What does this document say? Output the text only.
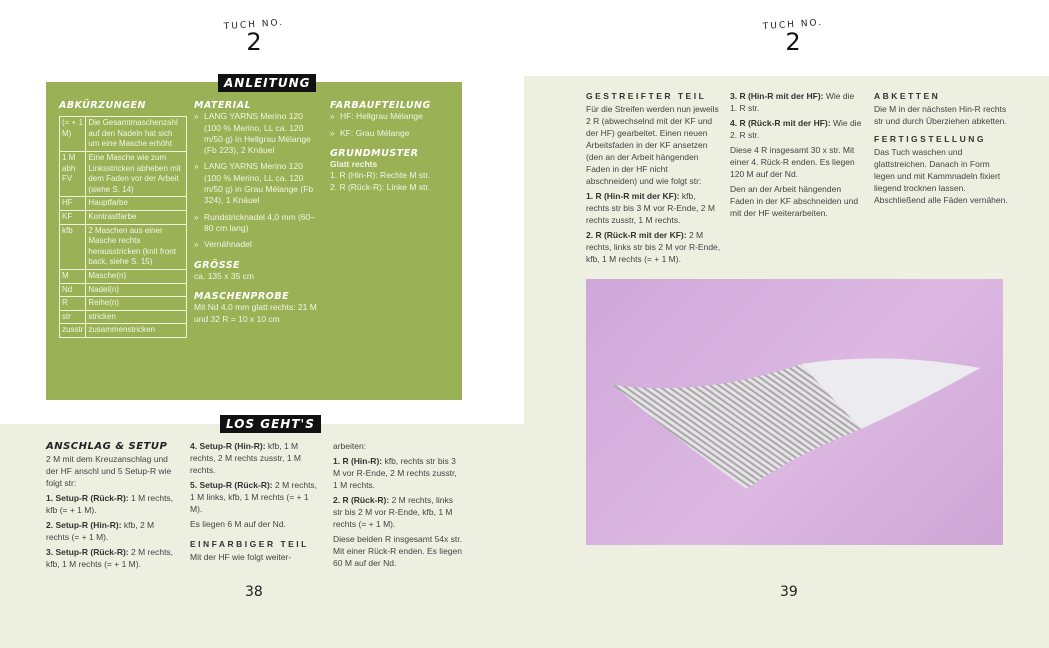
TUCH NO.
2
ABKÜRZUNGEN
(= + 1 M)	Die Gesamtmaschenzahl auf den Nadeln hat sich um eine Masche erhöht
1 M abh FV	Eine Masche wie zum Linksstricken abheben mit dem Faden vor der Arbeit (siehe S. 14)
HF	Hauptfarbe
KF	Kontrastfarbe
kfb	2 Maschen aus einer Masche rechts herausstricken (knit front back, siehe S. 15)
M	Masche(n)
Nd	Nadel(n)
R	Reihe(n)
str	stricken
zusstr	zusammenstricken
MATERIAL
» LANG YARNS Merino 120 (100 % Merino, LL ca. 120 m/50 g) in Hellgrau Mélange (Fb 223), 2 Knäuel
» LANG YARNS Merino 120 (100 % Merino, LL ca. 120 m/50 g) in Grau Mélange (Fb 324), 1 Knäuel
» Rundstricknadel 4,0 mm (60–80 cm lang)
» Vernähnadel
GRÖSSE
ca. 135 x 35 cm
MASCHENPROBE
Mit Nd 4,0 mm glatt rechts: 21 M und 32 R = 10 x 10 cm
FARBAUFTEILUNG
» HF: Hellgrau Mélange
» KF: Grau Mélange
GRUNDMUSTER
Glatt rechts
1. R (Hin-R): Rechte M str.
2. R (Rück-R): Linke M str.
ANLEITUNG
LOS GEHT'S
ANSCHLAG & SETUP

2 M mit dem Kreuzanschlag und der HF anschl und 5 Setup-R wie folgt str:

1. Setup-R (Rück-R): 1 M rechts, kfb (= + 1 M).

2. Setup-R (Hin-R): kfb, 2 M rechts (= + 1 M).

3. Setup-R (Rück-R): 2 M rechts, kfb, 1 M rechts (= + 1 M).

4. Setup-R (Hin-R): kfb, 1 M rechts, 2 M rechts zusstr, 1 M rechts.

5. Setup-R (Rück-R): 2 M rechts, 1 M links, kfb, 1 M rechts (= + 1 M).

Es liegen 6 M auf der Nd.

EINFARBIGER TEIL

Mit der HF wie folgt weiter-

arbeiten:

1. R (Hin-R): kfb, rechts str bis 3 M vor R-Ende, 2 M rechts zusstr, 1 M rechts.

2. R (Rück-R): 2 M rechts, links str bis 2 M vor R-Ende, kfb, 1 M rechts (= + 1 M).

Diese beiden R insgesamt 54x str. Mit einer Rück-R enden. Es liegen 60 M auf der Nd.

38
TUCH NO.
2
GESTREIFTER TEIL

Für die Streifen werden nun jeweils 2 R (abwechselnd mit der KF und der HF) gearbeitet. Einen neuen Arbeitsfaden in der KF ansetzen (den an der Arbeit hängenden Faden in der HF nicht abschneiden) und wie folgt str:

1. R (Hin-R mit der KF): kfb, rechts str bis 3 M vor R-Ende, 2 M rechts zusstr, 1 M rechts.

2. R (Rück-R mit der KF): 2 M rechts, links str bis 2 M vor R-Ende, kfb, 1 M rechts (= + 1 M).

3. R (Hin-R mit der HF): Wie die 1. R str.

4. R (Rück-R mit der HF): Wie die 2. R str.

Diese 4 R insgesamt 30 x str. Mit einer 4. Rück-R enden. Es liegen 120 M auf der Nd.

Den an der Arbeit hängenden Faden in der KF abschneiden und mit der HF weiterarbeiten.

ABKETTEN

Die M in der nächsten Hin-R rechts str und durch Überziehen abketten.

FERTIGSTELLUNG

Das Tuch waschen und glattstreichen. Danach in Form legen und mit Kammnadeln fixiert liegend trocknen lassen. Abschließend alle Fäden vernähen.

39
